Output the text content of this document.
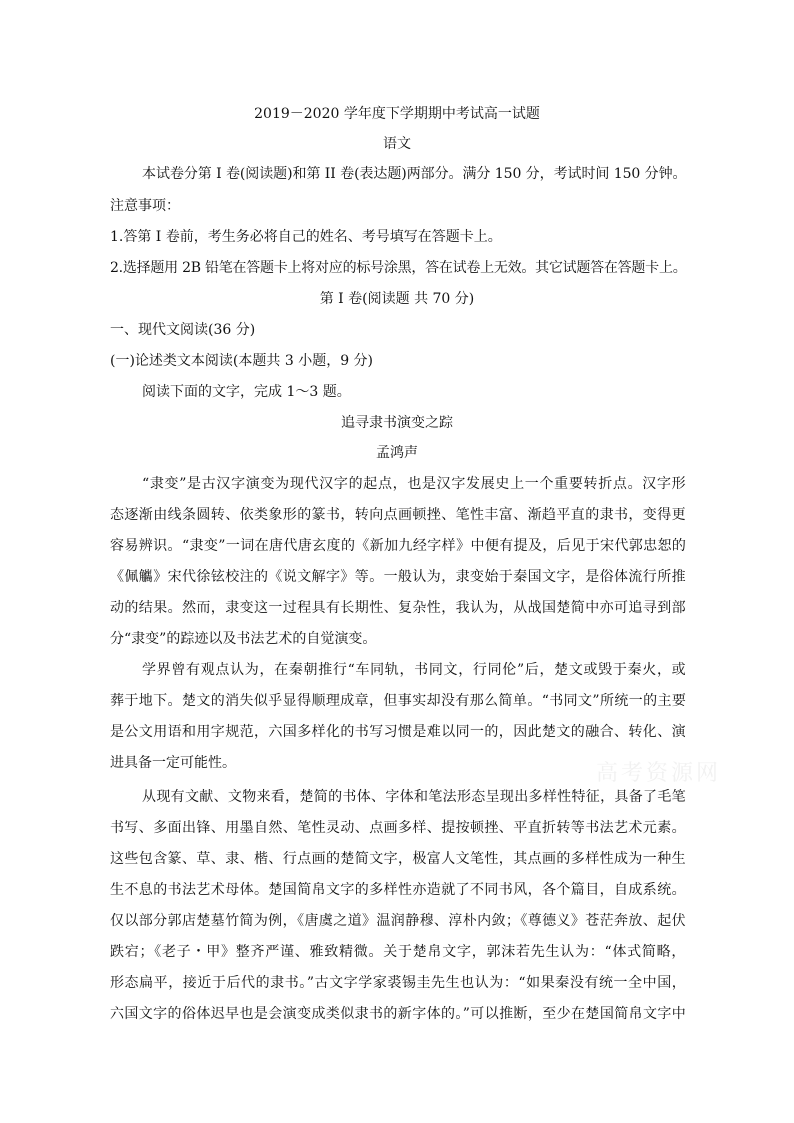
2019－2020 学年度下学期期中考试高一试题
语文
本试卷分第 I 卷(阅读题)和第 II 卷(表达题)两部分。满分 150 分，考试时间 150 分钟。
注意事项：
1.答第 I 卷前，考生务必将自己的姓名、考号填写在答题卡上。
2.选择题用 2B 铅笔在答题卡上将对应的标号涂黑，答在试卷上无效。其它试题答在答题卡上。
第 I 卷(阅读题 共 70 分)
一、现代文阅读(36 分)
(一)论述类文本阅读(本题共 3 小题，9 分)
阅读下面的文字，完成 1～3 题。
追寻隶书演变之踪
孟鸿声
“隶变”是古汉字演变为现代汉字的起点，也是汉字发展史上一个重要转折点。汉字形
态逐渐由线条圆转、依类象形的篆书，转向点画顿挫、笔性丰富、渐趋平直的隶书，变得更
容易辨识。“隶变”一词在唐代唐玄度的《新加九经字样》中便有提及，后见于宋代郭忠恕的
《佩觿》宋代徐铉校注的《说文解字》等。一般认为，隶变始于秦国文字，是俗体流行所推
动的结果。然而，隶变这一过程具有长期性、复杂性，我认为，从战国楚简中亦可追寻到部
分“隶变”的踪迹以及书法艺术的自觉演变。
学界曾有观点认为，在秦朝推行“车同轨，书同文，行同伦”后，楚文或毁于秦火，或
葬于地下。楚文的消失似乎显得顺理成章，但事实却没有那么简单。“书同文”所统一的主要
是公文用语和用字规范，六国多样化的书写习惯是难以同一的，因此楚文的融合、转化、演
进具备一定可能性。
从现有文献、文物来看，楚简的书体、字体和笔法形态呈现出多样性特征，具备了毛笔
书写、多面出锋、用墨自然、笔性灵动、点画多样、提按顿挫、平直折转等书法艺术元素。
这些包含篆、草、隶、楷、行点画的楚简文字，极富人文笔性，其点画的多样性成为一种生
生不息的书法艺术母体。楚国简帛文字的多样性亦造就了不同书风，各个篇目，自成系统。
仅以部分郭店楚墓竹简为例，《唐虞之道》温润静穆、淳朴内敛；《尊德义》苍茫奔放、起伏
跌宕；《老子・甲》整齐严谨、雅致精微。关于楚帛文字，郭沫若先生认为：“体式简略，
形态扁平，接近于后代的隶书。”古文字学家裘锡圭先生也认为：“如果秦没有统一全中国，
六国文字的俗体迟早也是会演变成类似隶书的新字体的。”可以推断，至少在楚国简帛文字中
高考资源网
